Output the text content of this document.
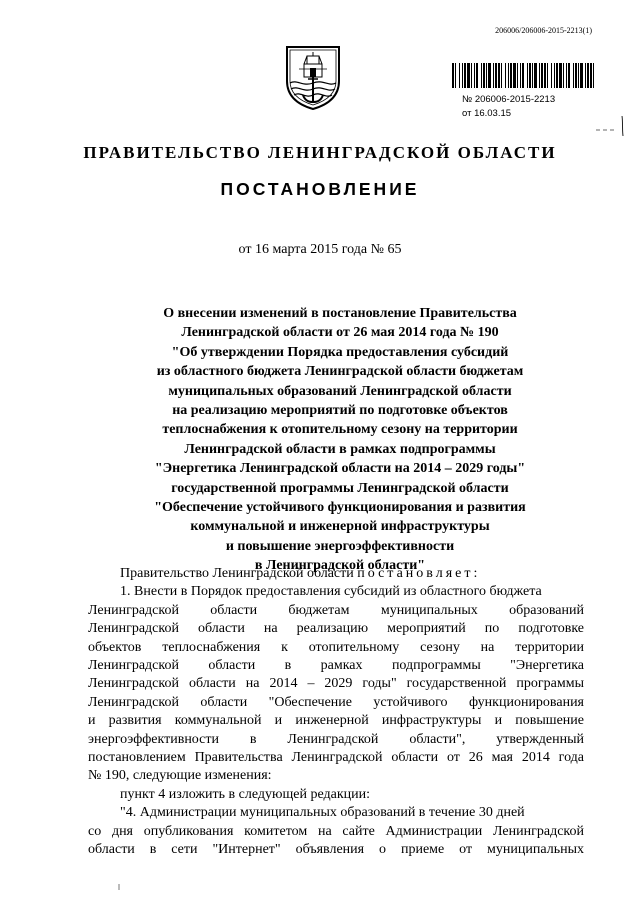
206006/206006-2015-2213(1)
№ 206006-2015-2213
от 16.03.15
ПРАВИТЕЛЬСТВО ЛЕНИНГРАДСКОЙ ОБЛАСТИ
ПОСТАНОВЛЕНИЕ
от 16 марта 2015 года № 65
О внесении изменений в постановление Правительства
Ленинградской области от 26 мая 2014 года № 190
"Об утверждении Порядка предоставления субсидий
из областного бюджета Ленинградской области бюджетам
муниципальных образований Ленинградской области
на реализацию мероприятий по подготовке объектов
теплоснабжения к отопительному сезону на территории
Ленинградской области в рамках подпрограммы
"Энергетика Ленинградской области на 2014 – 2029 годы"
государственной программы Ленинградской области
"Обеспечение устойчивого функционирования и развития
коммунальной и инженерной инфраструктуры
и повышение энергоэффективности
в Ленинградской области"
Правительство Ленинградской области постановляет:
1. Внести в Порядок предоставления субсидий из областного бюджета
Ленинградской области бюджетам муниципальных образований
Ленинградской области на реализацию мероприятий по подготовке
объектов теплоснабжения к отопительному сезону на территории
Ленинградской области в рамках подпрограммы "Энергетика
Ленинградской области на 2014 – 2029 годы" государственной программы
Ленинградской области "Обеспечение устойчивого функционирования
и развития коммунальной и инженерной инфраструктуры и повышение
энергоэффективности в Ленинградской области", утвержденный
постановлением Правительства Ленинградской области от 26 мая 2014 года
№ 190, следующие изменения:
пункт 4 изложить в следующей редакции:
"4. Администрации муниципальных образований в течение 30 дней
со дня опубликования комитетом на сайте Администрации Ленинградской
области в сети "Интернет" объявления о приеме от муниципальных
